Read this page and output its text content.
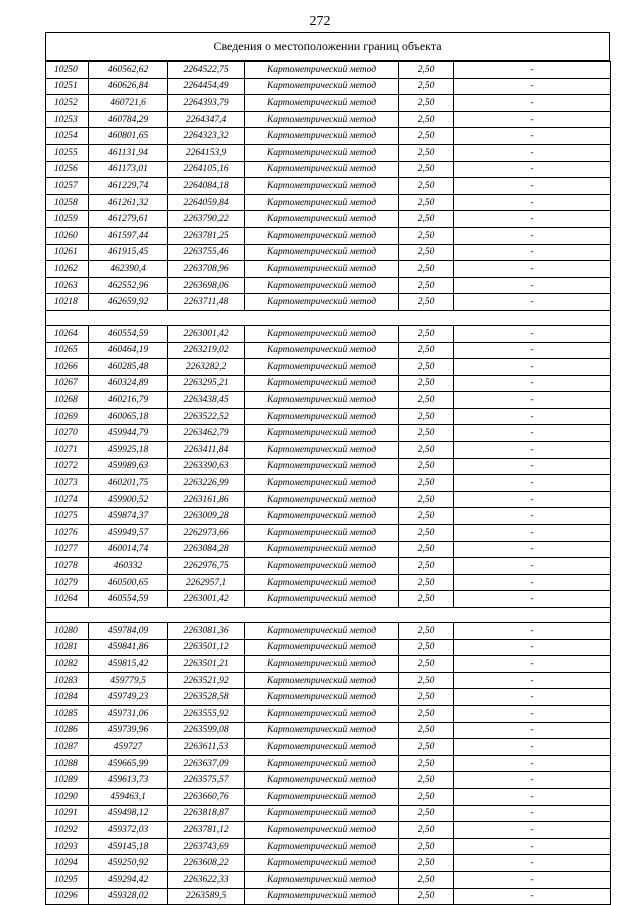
272
Сведения о местоположении границ объекта
10250	460562,62	2264522,75	Картометрический метод	2,50	-
10251	460626,84	2264454,49	Картометрический метод	2,50	-
10252	460721,6	2264393,79	Картометрический метод	2,50	-
10253	460784,29	2264347,4	Картометрический метод	2,50	-
10254	460801,65	2264323,32	Картометрический метод	2,50	-
10255	461131,94	2264153,9	Картометрический метод	2,50	-
10256	461173,01	2264105,16	Картометрический метод	2,50	-
10257	461229,74	2264084,18	Картометрический метод	2,50	-
10258	461261,32	2264059,84	Картометрический метод	2,50	-
10259	461279,61	2263790,22	Картометрический метод	2,50	-
10260	461597,44	2263781,25	Картометрический метод	2,50	-
10261	461915,45	2263755,46	Картометрический метод	2,50	-
10262	462390,4	2263708,96	Картометрический метод	2,50	-
10263	462552,96	2263698,06	Картометрический метод	2,50	-
10218	462659,92	2263711,48	Картометрический метод	2,50	-

10264	460554,59	2263001,42	Картометрический метод	2,50	-
10265	460464,19	2263219,02	Картометрический метод	2,50	-
10266	460285,48	2263282,2	Картометрический метод	2,50	-
10267	460324,89	2263295,21	Картометрический метод	2,50	-
10268	460216,79	2263438,45	Картометрический метод	2,50	-
10269	460065,18	2263522,52	Картометрический метод	2,50	-
10270	459944,79	2263462,79	Картометрический метод	2,50	-
10271	459925,18	2263411,84	Картометрический метод	2,50	-
10272	459989,63	2263390,63	Картометрический метод	2,50	-
10273	460201,75	2263226,99	Картометрический метод	2,50	-
10274	459900,52	2263161,86	Картометрический метод	2,50	-
10275	459874,37	2263009,28	Картометрический метод	2,50	-
10276	459949,57	2262973,66	Картометрический метод	2,50	-
10277	460014,74	2263084,28	Картометрический метод	2,50	-
10278	460332	2262976,75	Картометрический метод	2,50	-
10279	460500,65	2262957,1	Картометрический метод	2,50	-
10264	460554,59	2263001,42	Картометрический метод	2,50	-

10280	459784,09	2263081,36	Картометрический метод	2,50	-
10281	459841,86	2263501,12	Картометрический метод	2,50	-
10282	459815,42	2263501,21	Картометрический метод	2,50	-
10283	459779,5	2263521,92	Картометрический метод	2,50	-
10284	459749,23	2263528,58	Картометрический метод	2,50	-
10285	459731,06	2263555,92	Картометрический метод	2,50	-
10286	459739,96	2263599,08	Картометрический метод	2,50	-
10287	459727	2263611,53	Картометрический метод	2,50	-
10288	459665,99	2263637,09	Картометрический метод	2,50	-
10289	459613,73	2263575,57	Картометрический метод	2,50	-
10290	459463,1	2263660,76	Картометрический метод	2,50	-
10291	459498,12	2263818,87	Картометрический метод	2,50	-
10292	459372,03	2263781,12	Картометрический метод	2,50	-
10293	459145,18	2263743,69	Картометрический метод	2,50	-
10294	459250,92	2263608,22	Картометрический метод	2,50	-
10295	459294,42	2263622,33	Картометрический метод	2,50	-
10296	459328,02	2263589,5	Картометрический метод	2,50	-
